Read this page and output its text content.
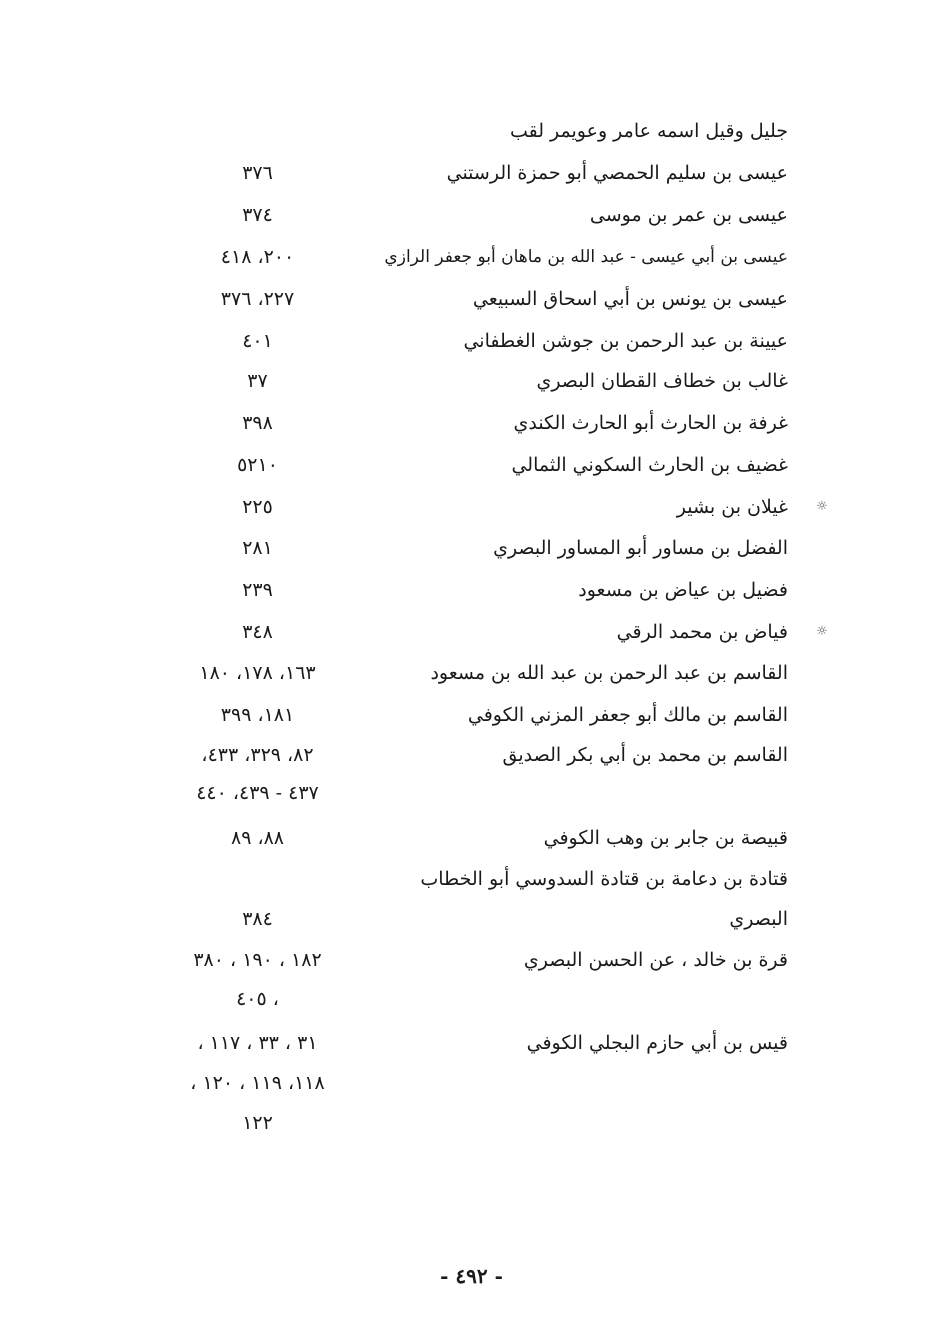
جليل وقيل اسمه عامر وعويمر لقب
عيسى بن سليم الحمصي أبو حمزة الرستني
٣٧٦
عيسى بن عمر بن موسى
٣٧٤
عيسى بن أبي عيسى - عبد الله بن ماهان أبو جعفر الرازي
٢٠٠، ٤١٨
عيسى بن يونس بن أبي اسحاق السبيعي
٢٢٧، ٣٧٦
عيينة بن عبد الرحمن بن جوشن الغطفاني
٤٠١
غالب بن خطاف القطان البصري
٣٧
غرفة بن الحارث أبو الحارث الكندي
٣٩٨
غضيف بن الحارث السكوني الثمالي
٥٢١٠
☼
غيلان بن بشير
٢٢٥
الفضل بن مساور أبو المساور البصري
٢٨١
فضيل بن عياض بن مسعود
٢٣٩
☼
فياض بن محمد الرقي
٣٤٨
القاسم بن عبد الرحمن بن عبد الله بن مسعود
١٦٣، ١٧٨، ١٨٠
القاسم بن مالك أبو جعفر المزني الكوفي
١٨١، ٣٩٩
القاسم بن محمد بن أبي بكر الصديق
٨٢، ٣٢٩، ٤٣٣،
٤٣٧ - ٤٣٩، ٤٤٠
قبيصة بن جابر بن وهب الكوفي
٨٨، ٨٩
قتادة بن دعامة بن قتادة السدوسي أبو الخطاب
البصري
٣٨٤
قرة بن خالد ، عن الحسن البصري
١٨٢ ، ١٩٠ ، ٣٨٠
، ٤٠٥
قيس بن أبي حازم البجلي الكوفي
٣١ ، ٣٣ ، ١١٧ ،
١١٨، ١١٩ ، ١٢٠ ،
١٢٢
- ٤٩٢ -
